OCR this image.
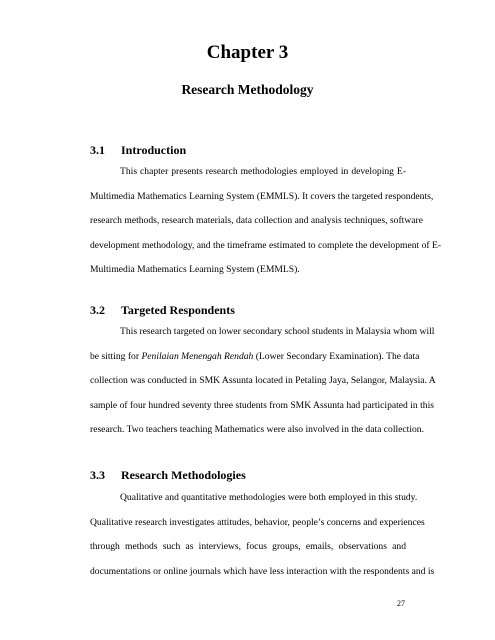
Chapter 3
Research Methodology
3.1 Introduction
This chapter presents research methodologies employed in developing E-
Multimedia Mathematics Learning System (EMMLS). It covers the targeted respondents,
research methods, research materials, data collection and analysis techniques, software
development methodology, and the timeframe estimated to complete the development of E-
Multimedia Mathematics Learning System (EMMLS).
3.2 Targeted Respondents
This research targeted on lower secondary school students in Malaysia whom will
be sitting for Penilaian Menengah Rendah (Lower Secondary Examination). The data
collection was conducted in SMK Assunta located in Petaling Jaya, Selangor, Malaysia. A
sample of four hundred seventy three students from SMK Assunta had participated in this
research. Two teachers teaching Mathematics were also involved in the data collection.
3.3 Research Methodologies
Qualitative and quantitative methodologies were both employed in this study.
Qualitative research investigates attitudes, behavior, people’s concerns and experiences
through methods such as interviews, focus groups, emails, observations and
documentations or online journals which have less interaction with the respondents and is
27
